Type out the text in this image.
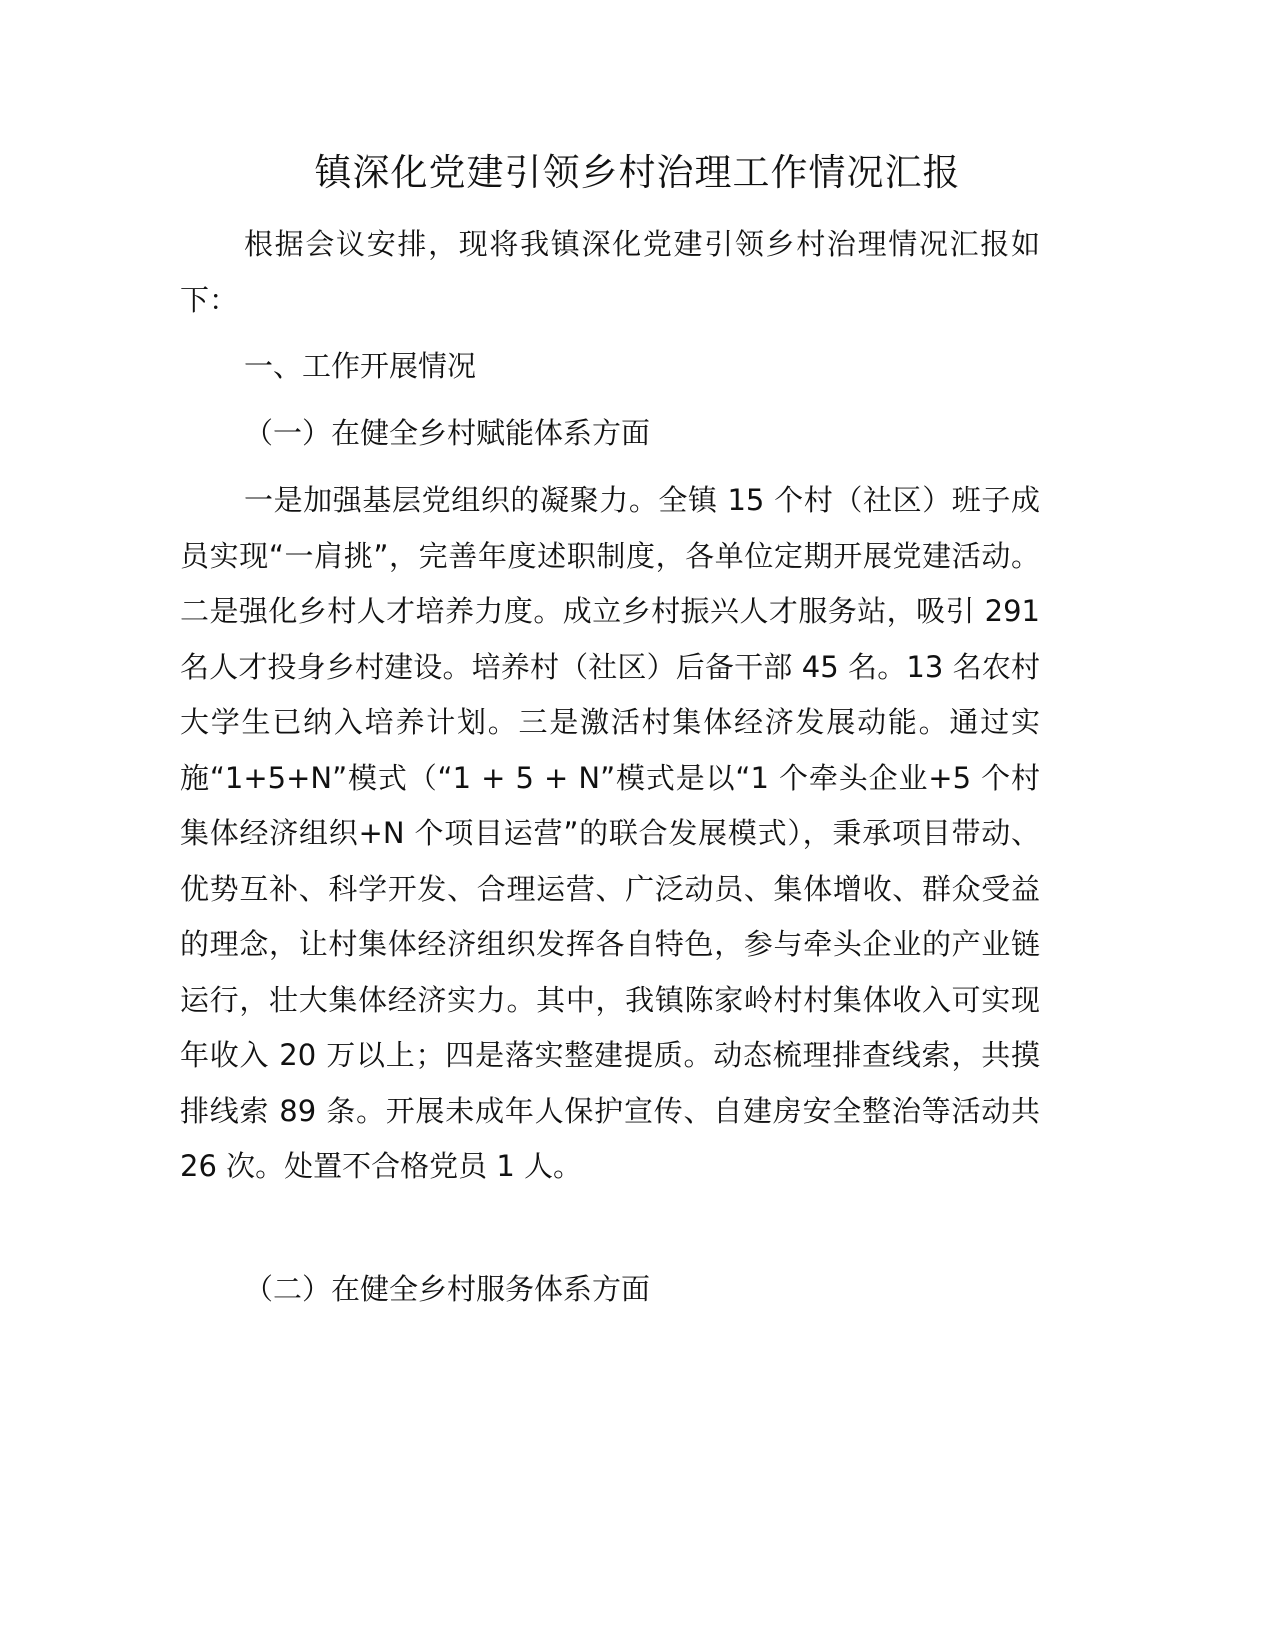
镇深化党建引领乡村治理工作情况汇报

根据会议安排，现将我镇深化党建引领乡村治理情况汇报如下：

一、工作开展情况

（一）在健全乡村赋能体系方面

一是加强基层党组织的凝聚力。全镇 15 个村（社区）班子成员实现“一肩挑”，完善年度述职制度，各单位定期开展党建活动。二是强化乡村人才培养力度。成立乡村振兴人才服务站，吸引 291 名人才投身乡村建设。培养村（社区）后备干部 45 名。13 名农村大学生已纳入培养计划。三是激活村集体经济发展动能。通过实施“1+5+N”模式（“1 + 5 + N”模式是以“1 个牵头企业+5 个村集体经济组织+N 个项目运营”的联合发展模式），秉承项目带动、优势互补、科学开发、合理运营、广泛动员、集体增收、群众受益的理念，让村集体经济组织发挥各自特色，参与牵头企业的产业链运行，壮大集体经济实力。其中，我镇陈家岭村村集体收入可实现年收入 20 万以上；四是落实整建提质。动态梳理排查线索，共摸排线索 89 条。开展未成年人保护宣传、自建房安全整治等活动共 26 次。处置不合格党员 1 人。

（二）在健全乡村服务体系方面
